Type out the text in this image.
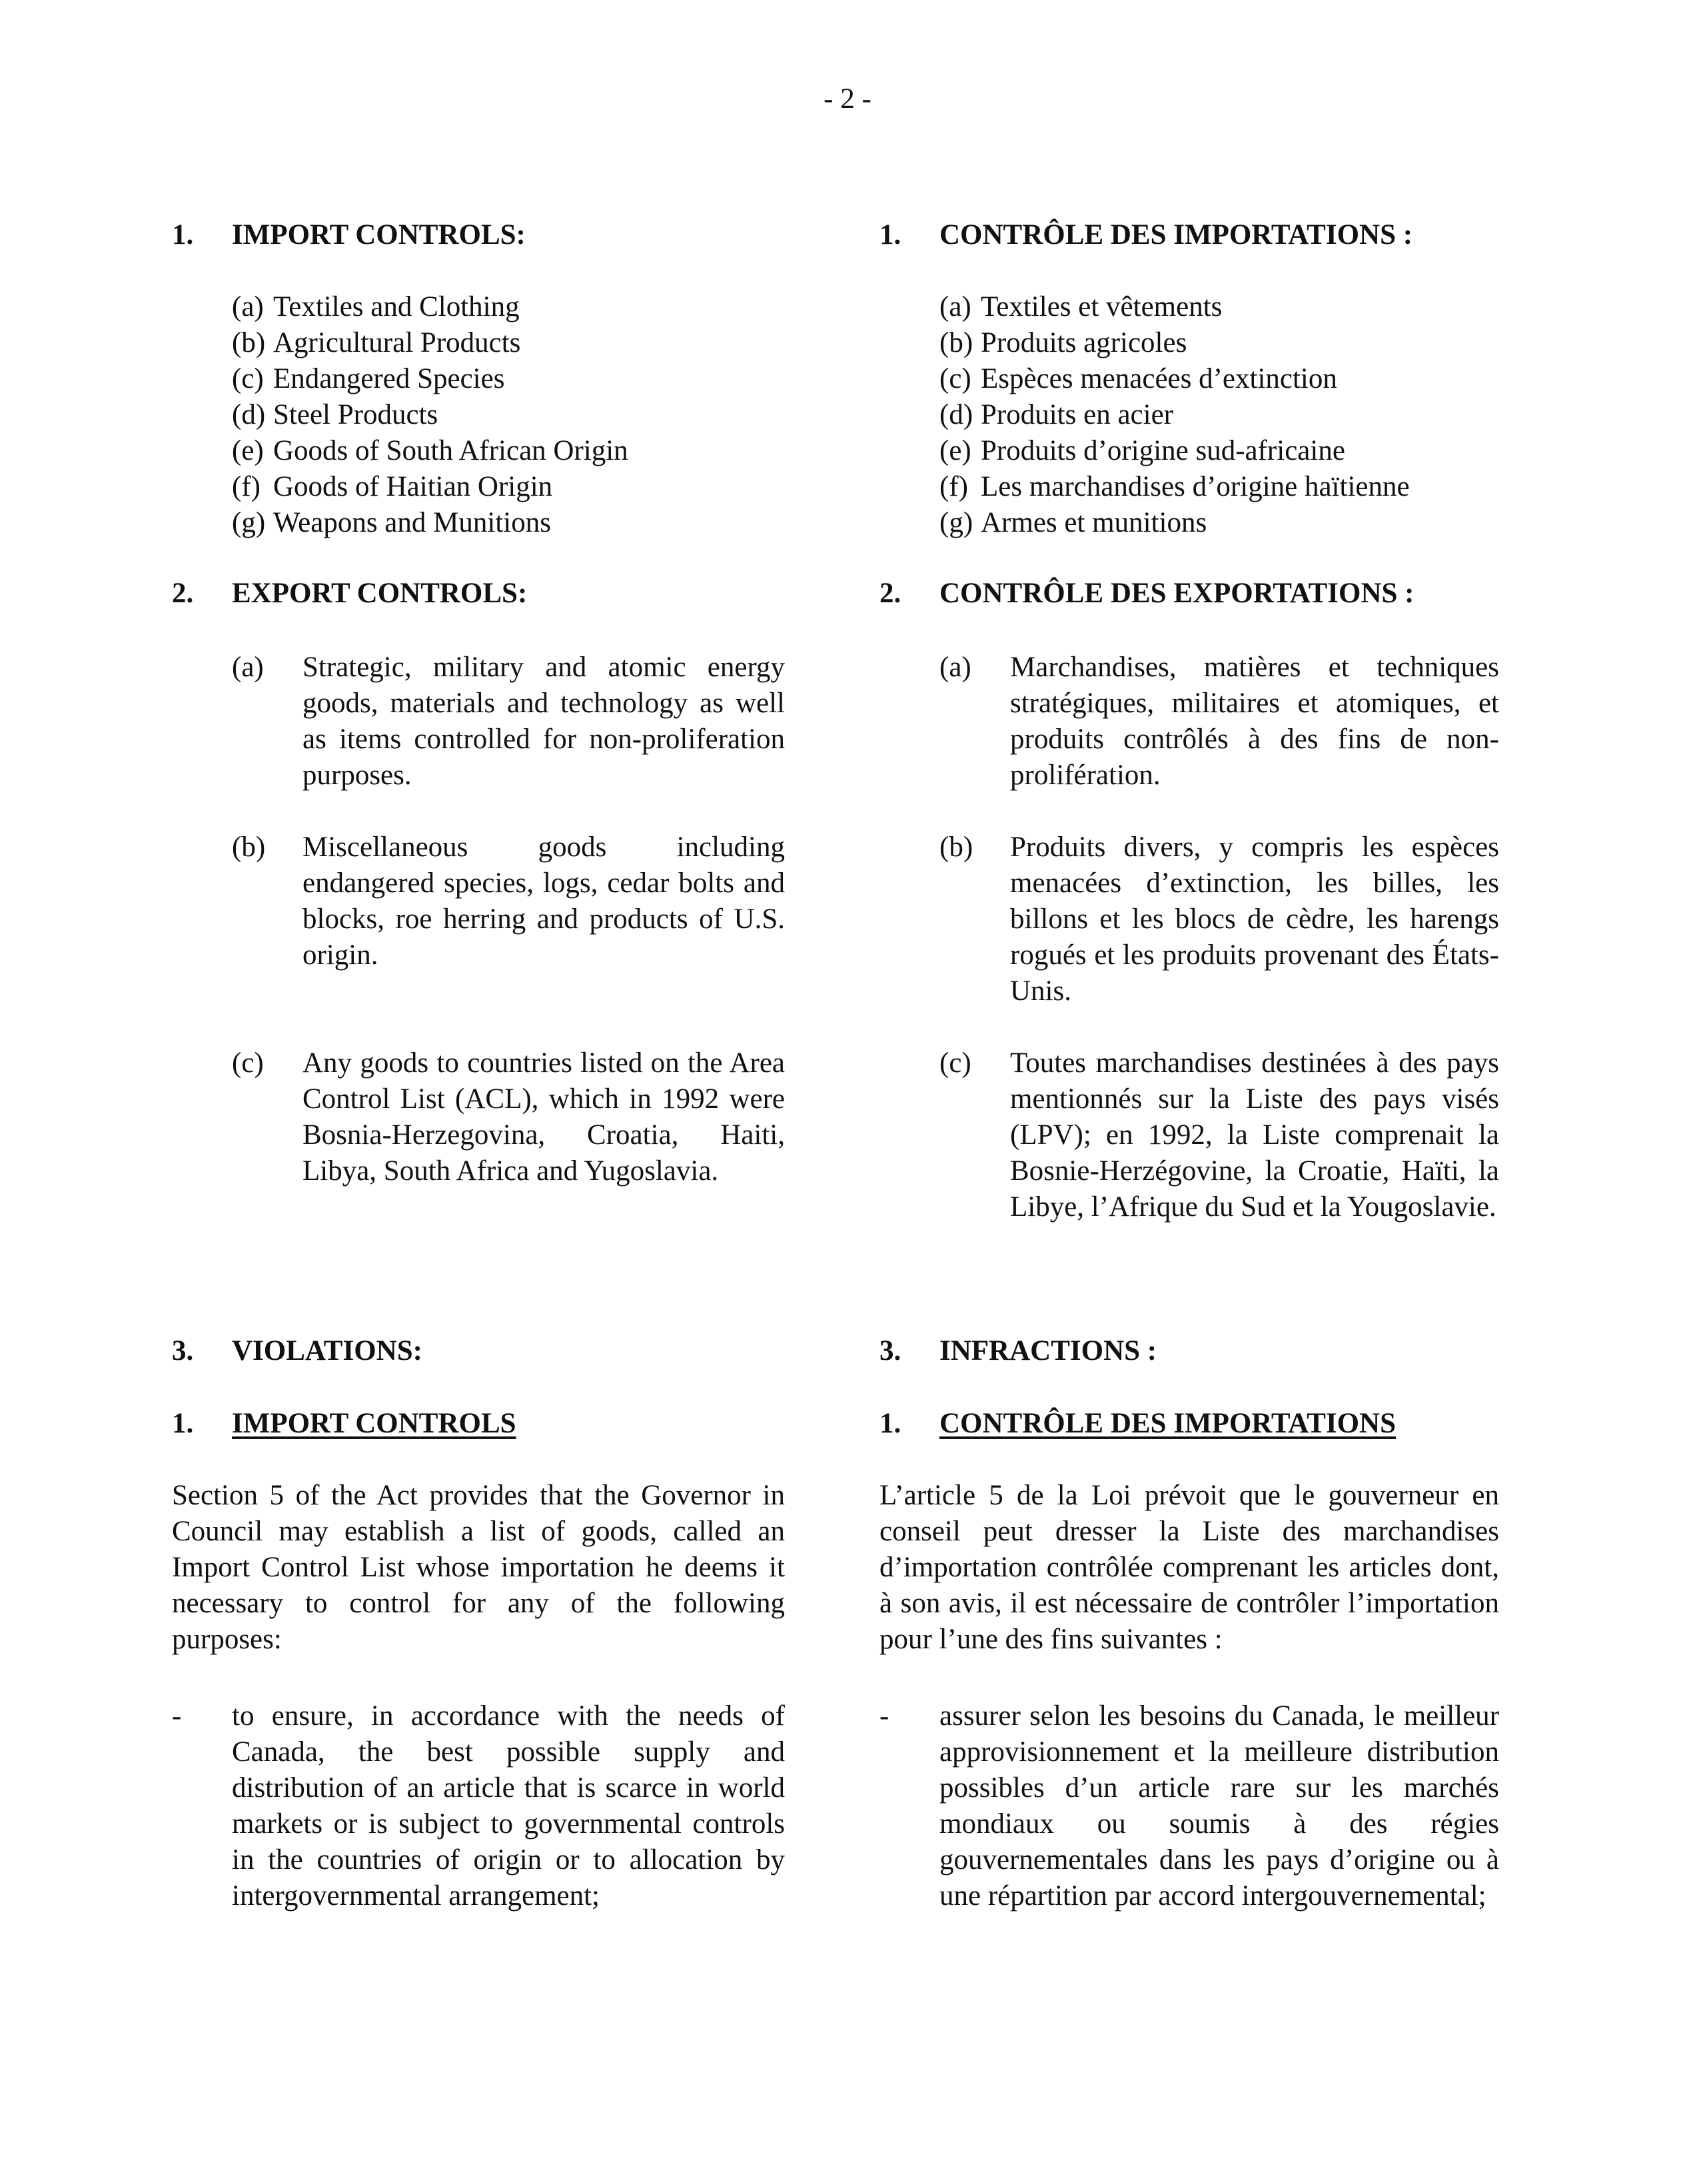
- 2 -
1. IMPORT CONTROLS:
(a) Textiles and Clothing
(b) Agricultural Products
(c) Endangered Species
(d) Steel Products
(e) Goods of South African Origin
(f) Goods of Haitian Origin
(g) Weapons and Munitions
2. EXPORT CONTROLS:
(a) Strategic, military and atomic energy goods, materials and technology as well as items controlled for non-proliferation purposes.
(b) Miscellaneous goods including endangered species, logs, cedar bolts and blocks, roe herring and products of U.S. origin.
(c) Any goods to countries listed on the Area Control List (ACL), which in 1992 were Bosnia-Herzegovina, Croatia, Haiti, Libya, South Africa and Yugoslavia.
3. VIOLATIONS:
1. IMPORT CONTROLS
Section 5 of the Act provides that the Governor in Council may establish a list of goods, called an Import Control List whose importation he deems it necessary to control for any of the following purposes:
- to ensure, in accordance with the needs of Canada, the best possible supply and distribution of an article that is scarce in world markets or is subject to governmental controls in the countries of origin or to allocation by intergovernmental arrangement;
1. CONTRÔLE DES IMPORTATIONS :
(a) Textiles et vêtements
(b) Produits agricoles
(c) Espèces menacées d’extinction
(d) Produits en acier
(e) Produits d’origine sud-africaine
(f) Les marchandises d’origine haïtienne
(g) Armes et munitions
2. CONTRÔLE DES EXPORTATIONS :
(a) Marchandises, matières et techniques stratégiques, militaires et atomiques, et produits contrôlés à des fins de non-prolifération.
(b) Produits divers, y compris les espèces menacées d’extinction, les billes, les billons et les blocs de cèdre, les harengs rogués et les produits provenant des États-Unis.
(c) Toutes marchandises destinées à des pays mentionnés sur la Liste des pays visés (LPV); en 1992, la Liste comprenait la Bosnie-Herzégovine, la Croatie, Haïti, la Libye, l’Afrique du Sud et la Yougoslavie.
3. INFRACTIONS :
1. CONTRÔLE DES IMPORTATIONS
L’article 5 de la Loi prévoit que le gouverneur en conseil peut dresser la Liste des marchandises d’importation contrôlée comprenant les articles dont, à son avis, il est nécessaire de contrôler l’importation pour l’une des fins suivantes :
- assurer selon les besoins du Canada, le meilleur approvisionnement et la meilleure distribution possibles d’un article rare sur les marchés mondiaux ou soumis à des régies gouvernementales dans les pays d’origine ou à une répartition par accord intergouvernemental;
